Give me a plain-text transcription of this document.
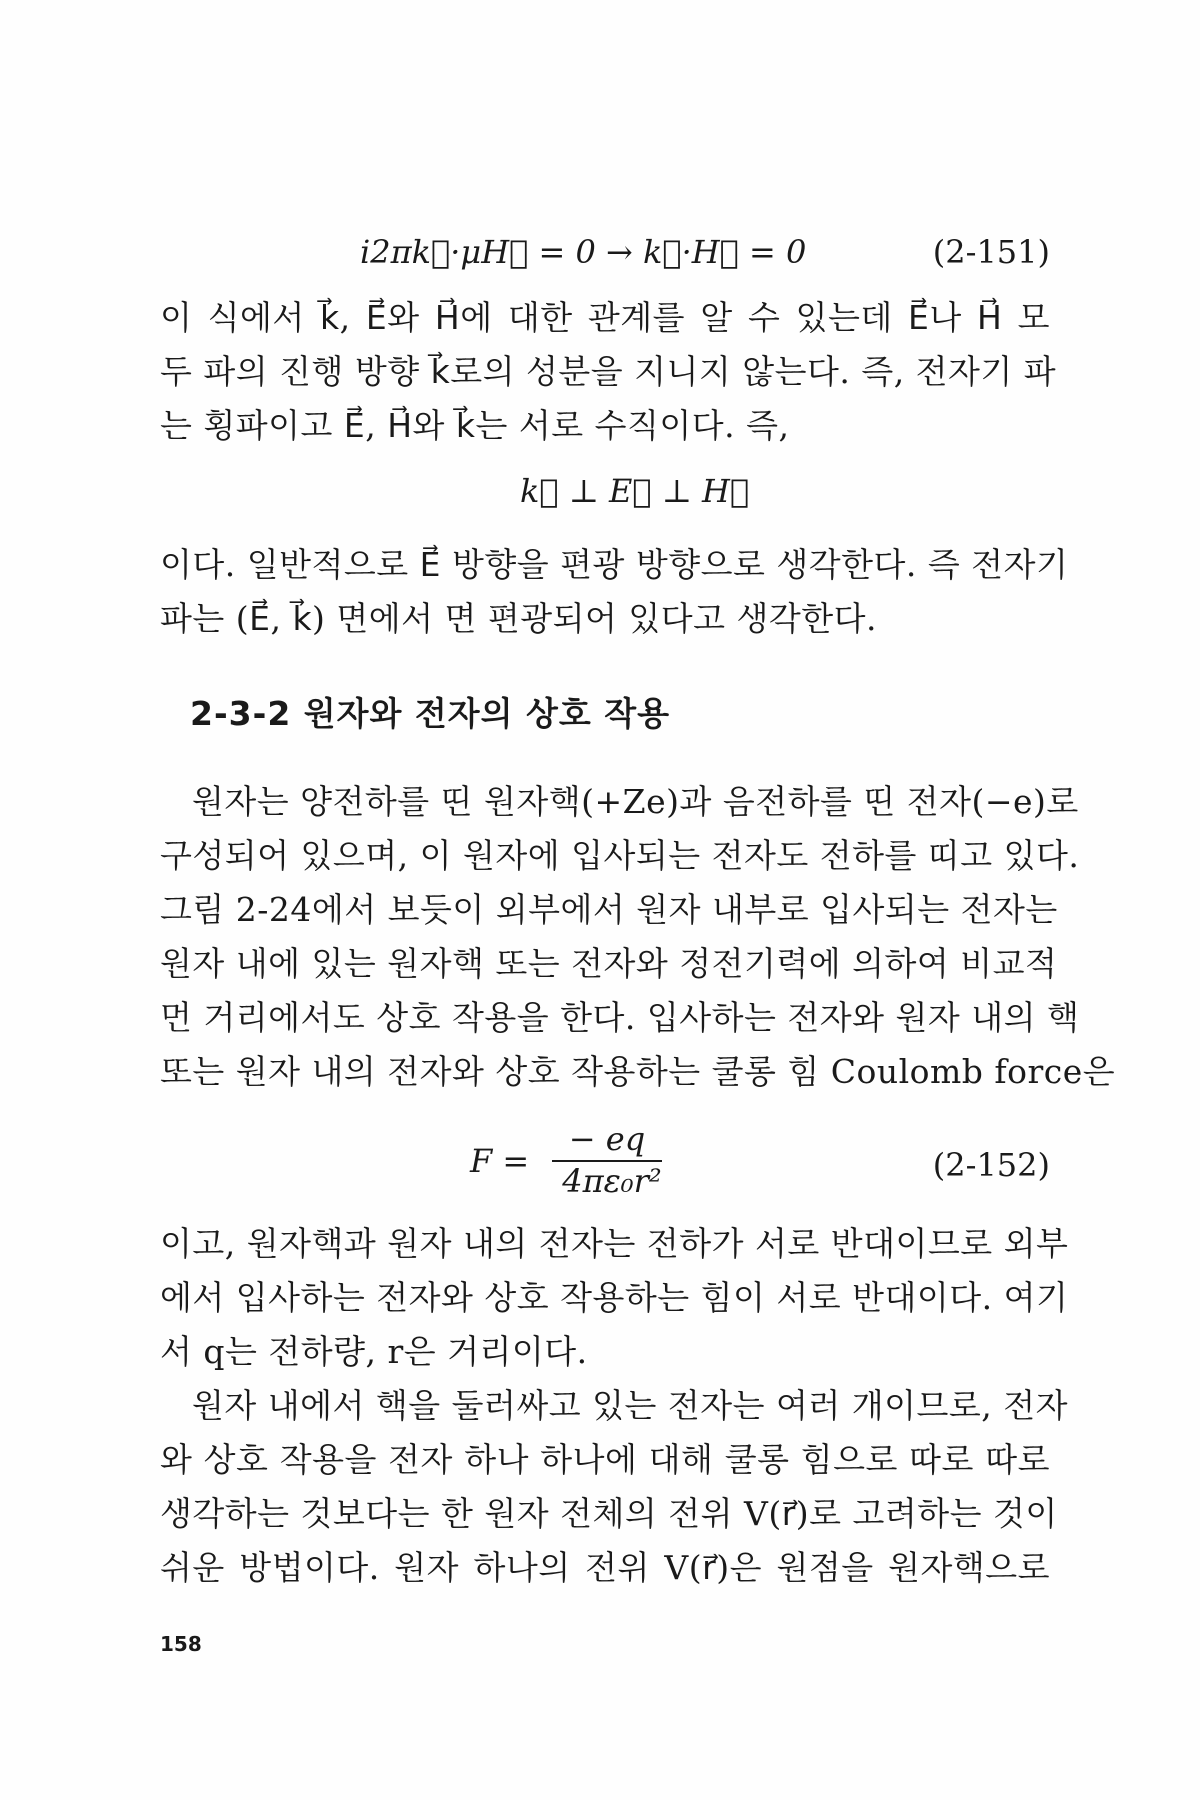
i2πk⃗·μH⃗ = 0 → k⃗·H⃗ = 0	(2-151)
이 식에서 k⃗, E⃗와 H⃗에 대한 관계를 알 수 있는데 E⃗나 H⃗ 모
두 파의 진행 방향 k⃗로의 성분을 지니지 않는다. 즉, 전자기 파
는 횡파이고 E⃗, H⃗와 k⃗는 서로 수직이다. 즉,
k⃗ ⊥ E⃗ ⊥ H⃗
이다. 일반적으로 E⃗ 방향을 편광 방향으로 생각한다. 즉 전자기
파는 (E⃗, k⃗) 면에서 면 편광되어 있다고 생각한다.
2-3-2 원자와 전자의 상호 작용
원자는 양전하를 띤 원자핵(+Ze)과 음전하를 띤 전자(−e)로
구성되어 있으며, 이 원자에 입사되는 전자도 전하를 띠고 있다.
그림 2-24에서 보듯이 외부에서 원자 내부로 입사되는 전자는
원자 내에 있는 원자핵 또는 전자와 정전기력에 의하여 비교적
먼 거리에서도 상호 작용을 한다. 입사하는 전자와 원자 내의 핵
또는 원자 내의 전자와 상호 작용하는 쿨롱 힘 Coulomb force은
F =
− eq
4πε₀r²	(2-152)
이고, 원자핵과 원자 내의 전자는 전하가 서로 반대이므로 외부
에서 입사하는 전자와 상호 작용하는 힘이 서로 반대이다. 여기
서 q는 전하량, r은 거리이다.
원자 내에서 핵을 둘러싸고 있는 전자는 여러 개이므로, 전자
와 상호 작용을 전자 하나 하나에 대해 쿨롱 힘으로 따로 따로
생각하는 것보다는 한 원자 전체의 전위 V(r⃗)로 고려하는 것이
쉬운 방법이다. 원자 하나의 전위 V(r⃗)은 원점을 원자핵으로
158
